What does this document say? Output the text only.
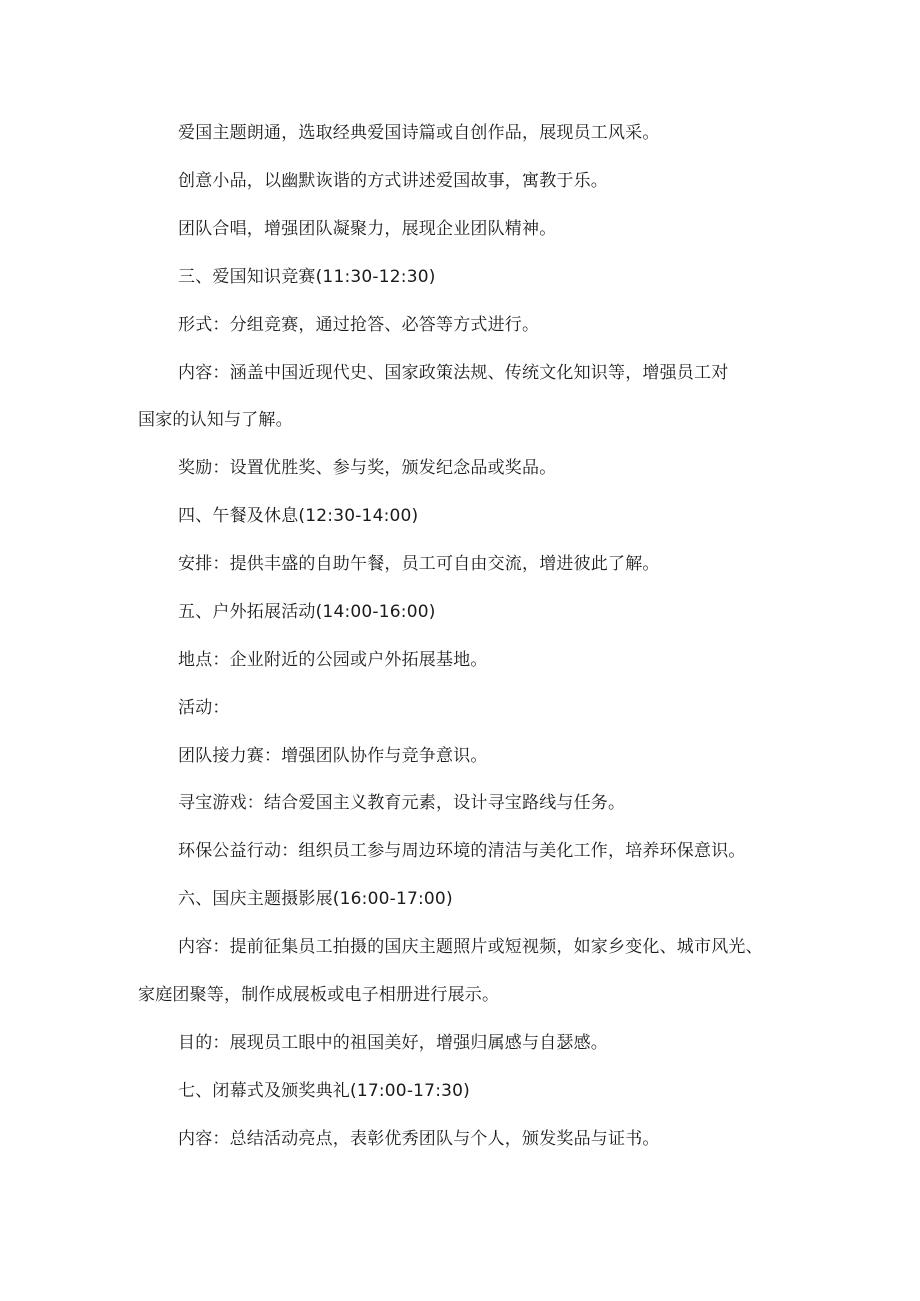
爱国主题朗通，选取经典爱国诗篇或自创作品，展现员工风采。
创意小品，以幽默诙谐的方式讲述爱国故事，寓教于乐。
团队合唱，增强团队凝聚力，展现企业团队精神。
三、爱国知识竞赛(11:30-12:30)
形式：分组竞赛，通过抢答、必答等方式进行。
内容：涵盖中国近现代史、国家政策法规、传统文化知识等，增强员工对
国家的认知与了解。
奖励：设置优胜奖、参与奖，颁发纪念品或奖品。
四、午餐及休息(12:30-14:00)
安排：提供丰盛的自助午餐，员工可自由交流，增进彼此了解。
五、户外拓展活动(14:00-16:00)
地点：企业附近的公园或户外拓展基地。
活动：
团队接力赛：增强团队协作与竞争意识。
寻宝游戏：结合爱国主义教育元素，设计寻宝路线与任务。
环保公益行动：组织员工参与周边环境的清洁与美化工作，培养环保意识。
六、国庆主题摄影展(16:00-17:00)
内容：提前征集员工拍摄的国庆主题照片或短视频，如家乡变化、城市风光、
家庭团聚等，制作成展板或电子相册进行展示。
目的：展现员工眼中的祖国美好，增强归属感与自瑟感。
七、闭幕式及颁奖典礼(17:00-17:30)
内容：总结活动亮点，表彰优秀团队与个人，颁发奖品与证书。
